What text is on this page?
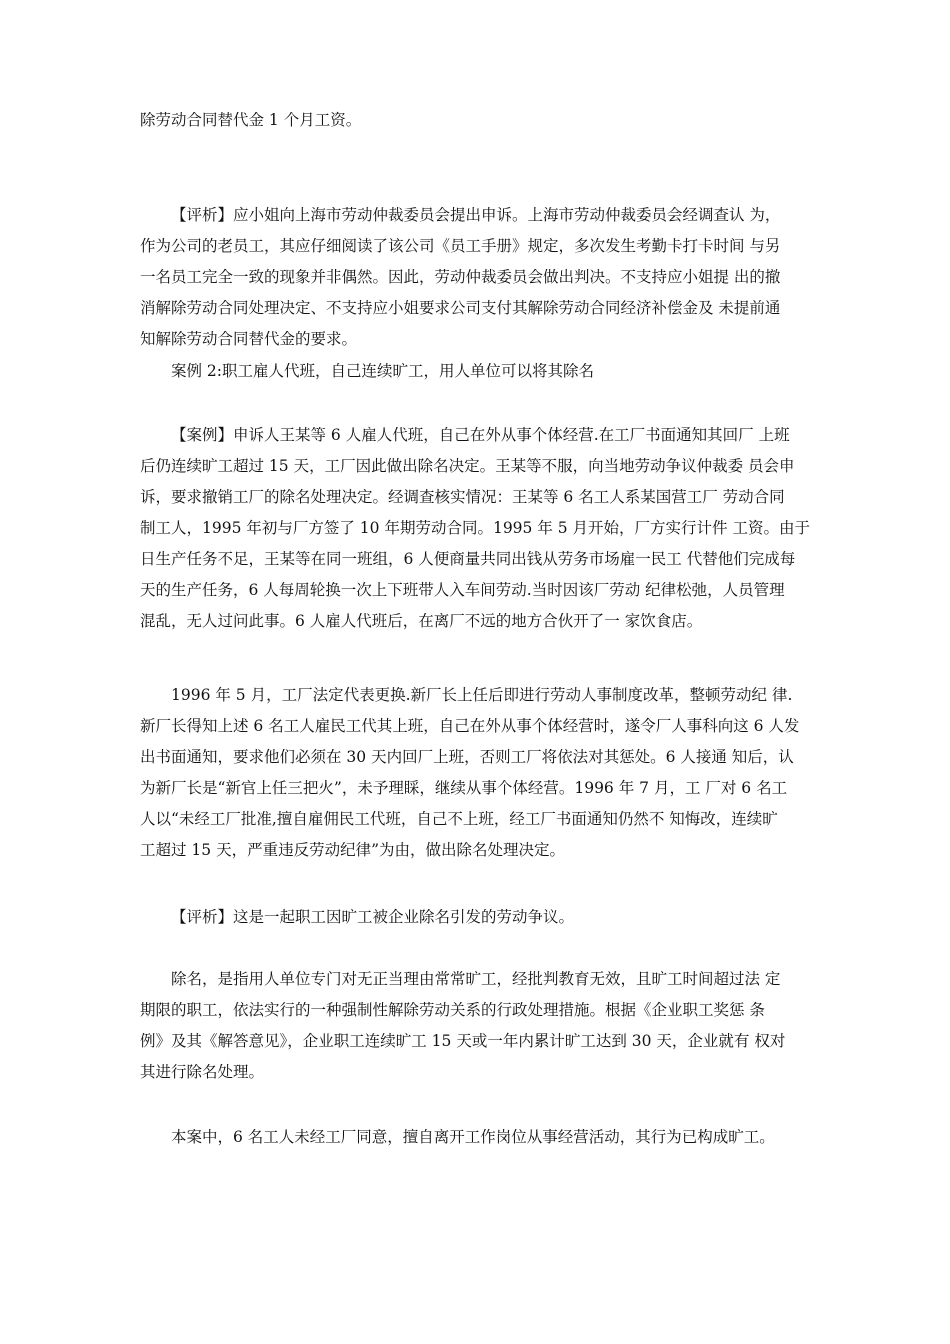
除劳动合同替代金 1 个月工资。
【评析】应小姐向上海市劳动仲裁委员会提出申诉。上海市劳动仲裁委员会经调查认 为，
作为公司的老员工，其应仔细阅读了该公司《员工手册》规定，多次发生考勤卡打卡时间 与另
一名员工完全一致的现象并非偶然。因此，劳动仲裁委员会做出判决。不支持应小姐提 出的撤
消解除劳动合同处理决定、不支持应小姐要求公司支付其解除劳动合同经济补偿金及 未提前通
知解除劳动合同替代金的要求。
案例 2:职工雇人代班，自己连续旷工，用人单位可以将其除名
【案例】申诉人王某等 6 人雇人代班，自己在外从事个体经营.在工厂书面通知其回厂 上班
后仍连续旷工超过 15 天，工厂因此做出除名决定。王某等不服，向当地劳动争议仲裁委 员会申
诉，要求撤销工厂的除名处理决定。经调查核实情况：王某等 6 名工人系某国营工厂 劳动合同
制工人，1995 年初与厂方签了 10 年期劳动合同。1995 年 5 月开始，厂方实行计件 工资。由于
日生产任务不足，王某等在同一班组，6 人便商量共同出钱从劳务市场雇一民工 代替他们完成每
天的生产任务，6 人每周轮换一次上下班带人入车间劳动.当时因该厂劳动 纪律松弛，人员管理
混乱，无人过问此事。6 人雇人代班后，在离厂不远的地方合伙开了一 家饮食店。
1996 年 5 月，工厂法定代表更换.新厂长上任后即进行劳动人事制度改革，整顿劳动纪 律.
新厂长得知上述 6 名工人雇民工代其上班，自己在外从事个体经营时，遂令厂人事科向这 6 人发
出书面通知，要求他们必须在 30 天内回厂上班，否则工厂将依法对其惩处。6 人接通 知后，认
为新厂长是“新官上任三把火”，未予理睬，继续从事个体经营。1996 年 7 月，工 厂对 6 名工
人以“未经工厂批准,擅自雇佣民工代班，自己不上班，经工厂书面通知仍然不 知悔改，连续旷
工超过 15 天，严重违反劳动纪律”为由，做出除名处理决定。
【评析】这是一起职工因旷工被企业除名引发的劳动争议。
除名，是指用人单位专门对无正当理由常常旷工，经批判教育无效，且旷工时间超过法 定
期限的职工，依法实行的一种强制性解除劳动关系的行政处理措施。根据《企业职工奖惩 条
例》及其《解答意见》，企业职工连续旷工 15 天或一年内累计旷工达到 30 天，企业就有 权对
其进行除名处理。
本案中，6 名工人未经工厂同意，擅自离开工作岗位从事经营活动，其行为已构成旷工。
